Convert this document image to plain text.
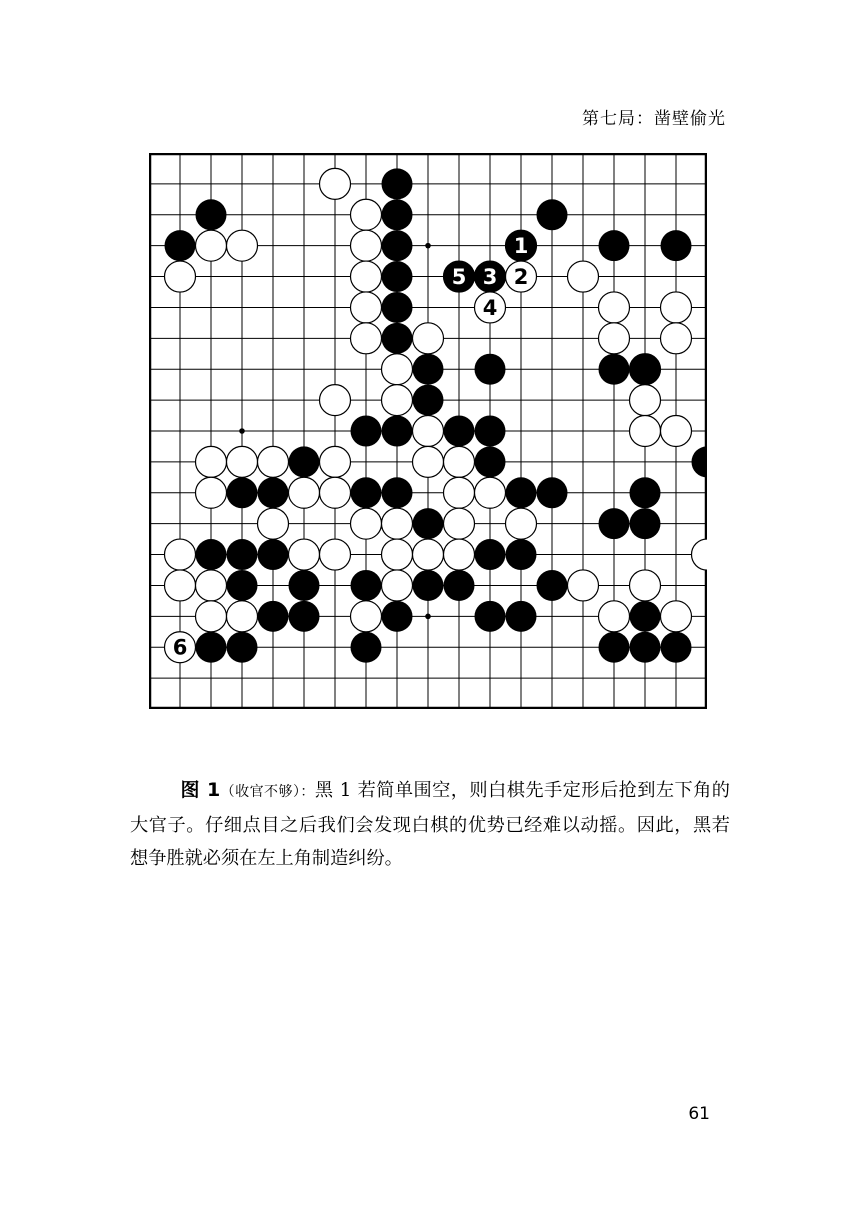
第七局：凿壁偷光
1
2
3
4
5
6
图 1（收官不够）：黑 1 若简单围空，则白棋先手定形后抢到左下角的大官子。仔细点目之后我们会发现白棋的优势已经难以动摇。因此，黑若想争胜就必须在左上角制造纠纷。
61
